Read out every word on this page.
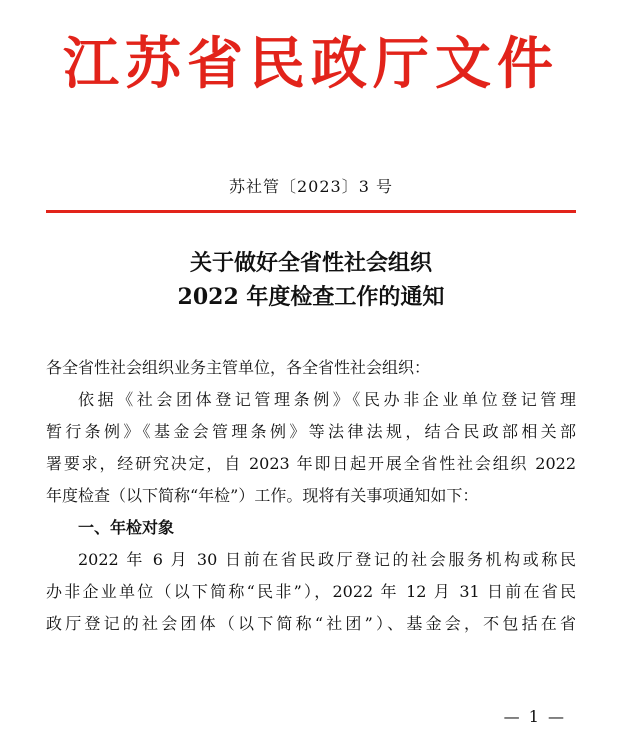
江苏省民政厅文件
苏社管〔2023〕3 号
关于做好全省性社会组织
2022 年度检查工作的通知
各全省性社会组织业务主管单位，各全省性社会组织：
依据《社会团体登记管理条例》《民办非企业单位登记管理
暂行条例》《基金会管理条例》等法律法规，结合民政部相关部
署要求，经研究决定，自 2023 年即日起开展全省性社会组织 2022
年度检查（以下简称“年检”）工作。现将有关事项通知如下：
一、年检对象
2022 年 6 月 30 日前在省民政厅登记的社会服务机构或称民
办非企业单位（以下简称“民非”），2022 年 12 月 31 日前在省民
政厅登记的社会团体（以下简称“社团”）、基金会，不包括在省
— 1 —
